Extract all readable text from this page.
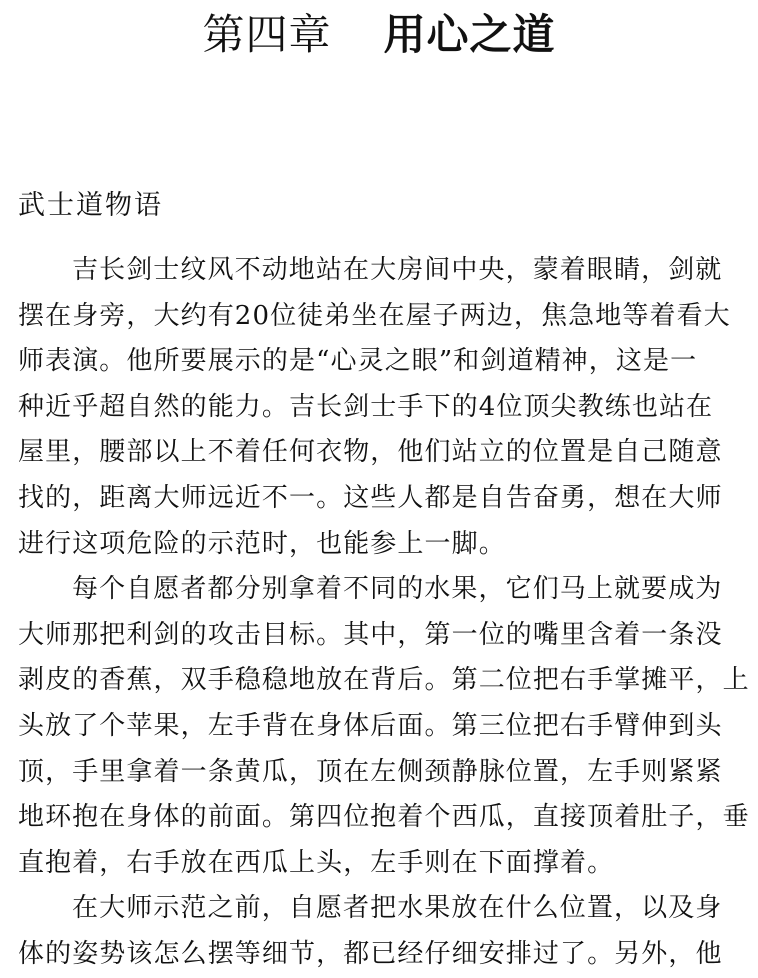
第四章 用心之道
武士道物语
吉长剑士纹风不动地站在大房间中央，蒙着眼睛，剑就
摆在身旁，大约有20位徒弟坐在屋子两边，焦急地等着看大
师表演。他所要展示的是“心灵之眼”和剑道精神，这是一
种近乎超自然的能力。吉长剑士手下的4位顶尖教练也站在
屋里，腰部以上不着任何衣物，他们站立的位置是自己随意
找的，距离大师远近不一。这些人都是自告奋勇，想在大师
进行这项危险的示范时，也能参上一脚。
每个自愿者都分别拿着不同的水果，它们马上就要成为
大师那把利剑的攻击目标。其中，第一位的嘴里含着一条没
剥皮的香蕉，双手稳稳地放在背后。第二位把右手掌摊平，上
头放了个苹果，左手背在身体后面。第三位把右手臂伸到头
顶，手里拿着一条黄瓜，顶在左侧颈静脉位置，左手则紧紧
地环抱在身体的前面。第四位抱着个西瓜，直接顶着肚子，垂
直抱着，右手放在西瓜上头，左手则在下面撑着。
在大师示范之前，自愿者把水果放在什么位置，以及身
体的姿势该怎么摆等细节，都已经仔细安排过了。另外，他
